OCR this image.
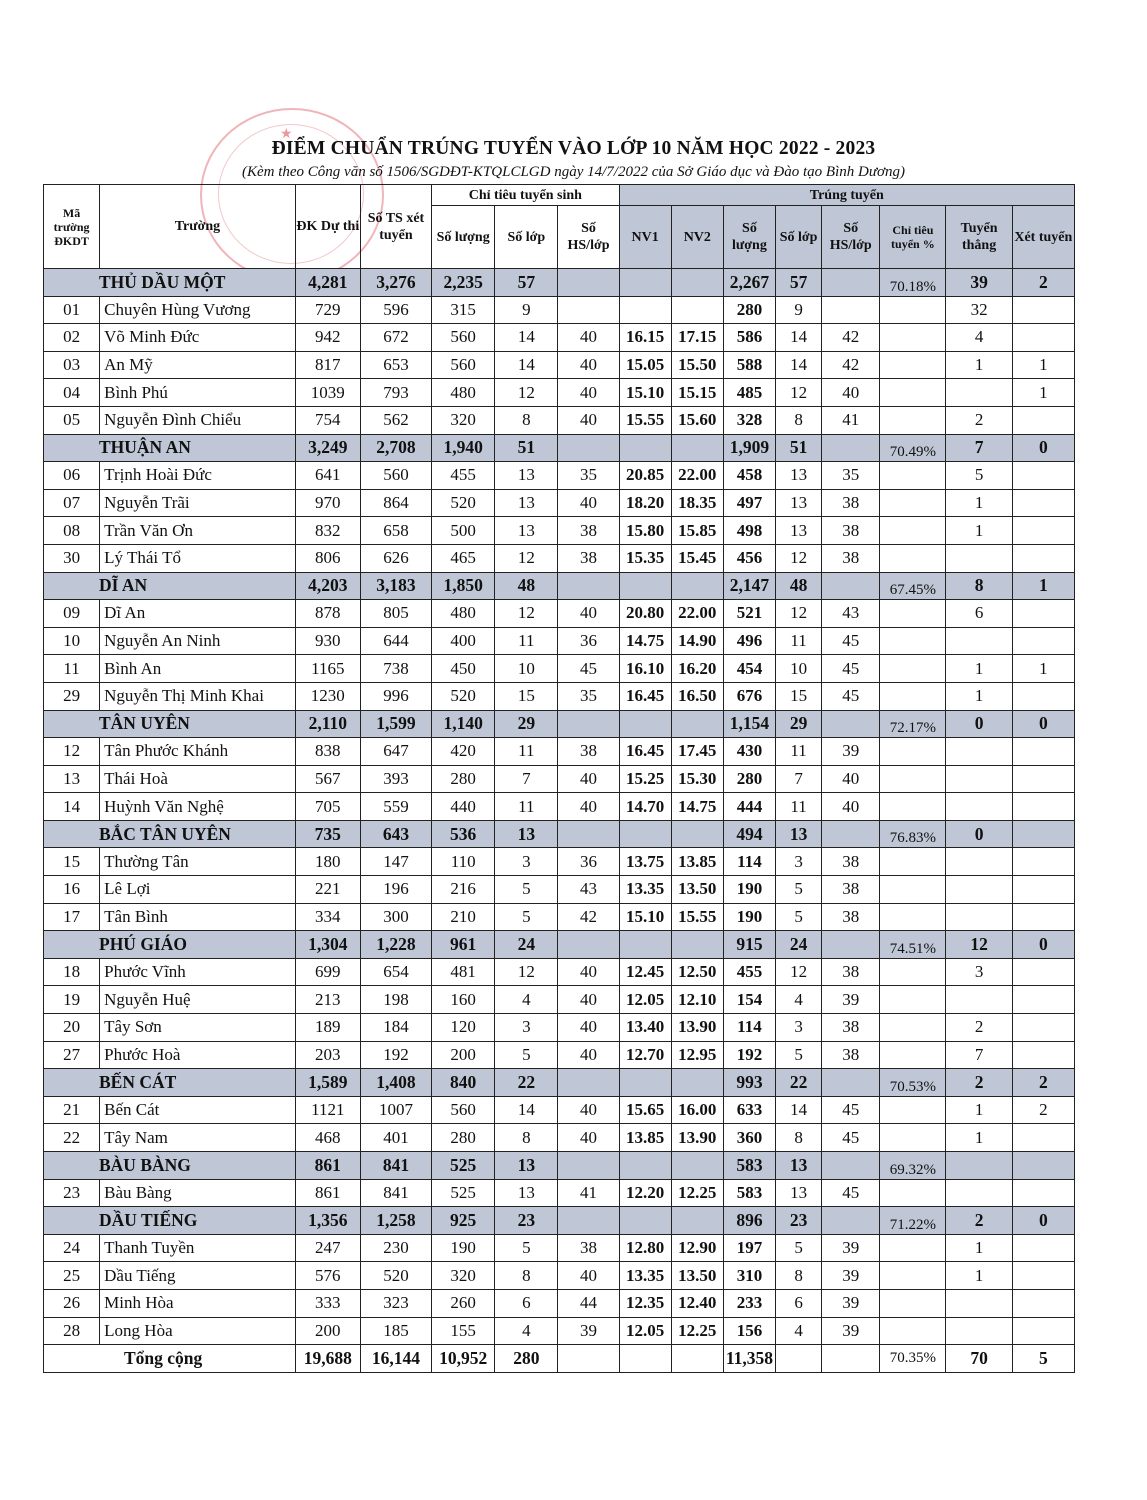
★
ĐIỂM CHUẨN TRÚNG TUYỂN VÀO LỚP 10 NĂM HỌC 2022 - 2023
(Kèm theo Công văn số 1506/SGDĐT-KTQLCLGD ngày 14/7/2022 của Sở Giáo dục và Đào tạo Bình Dương)
Mã trường ĐKDT	Trường	ĐK Dự thi	Số TS xét tuyển	Chỉ tiêu tuyển sinh			Trúng tuyển							
				Số lượng	Số lớp	Số HS/lớp	NV1	NV2	Số lượng	Số lớp	Số HS/lớp	Chỉ tiêu tuyển %	Tuyển thẳng	Xét tuyển
THỦ DẦU MỘT		4,281	3,276	2,235	57				2,267	57		70.18%	39	2
01	Chuyên Hùng Vương	729	596	315	9				280	9			32	
02	Võ Minh Đức	942	672	560	14	40	16.15	17.15	586	14	42		4	
03	An Mỹ	817	653	560	14	40	15.05	15.50	588	14	42		1	1
04	Bình Phú	1039	793	480	12	40	15.10	15.15	485	12	40			1
05	Nguyễn Đình Chiểu	754	562	320	8	40	15.55	15.60	328	8	41		2	
THUẬN AN		3,249	2,708	1,940	51				1,909	51		70.49%	7	0
06	Trịnh Hoài Đức	641	560	455	13	35	20.85	22.00	458	13	35		5	
07	Nguyễn Trãi	970	864	520	13	40	18.20	18.35	497	13	38		1	
08	Trần Văn Ơn	832	658	500	13	38	15.80	15.85	498	13	38		1	
30	Lý Thái Tổ	806	626	465	12	38	15.35	15.45	456	12	38			
DĨ AN		4,203	3,183	1,850	48				2,147	48		67.45%	8	1
09	Dĩ An	878	805	480	12	40	20.80	22.00	521	12	43		6	
10	Nguyễn An Ninh	930	644	400	11	36	14.75	14.90	496	11	45			
11	Bình An	1165	738	450	10	45	16.10	16.20	454	10	45		1	1
29	Nguyễn Thị Minh Khai	1230	996	520	15	35	16.45	16.50	676	15	45		1	
TÂN UYÊN		2,110	1,599	1,140	29				1,154	29		72.17%	0	0
12	Tân Phước Khánh	838	647	420	11	38	16.45	17.45	430	11	39			
13	Thái Hoà	567	393	280	7	40	15.25	15.30	280	7	40			
14	Huỳnh Văn Nghệ	705	559	440	11	40	14.70	14.75	444	11	40			
BẮC TÂN UYÊN		735	643	536	13				494	13		76.83%	0	
15	Thường Tân	180	147	110	3	36	13.75	13.85	114	3	38			
16	Lê Lợi	221	196	216	5	43	13.35	13.50	190	5	38			
17	Tân Bình	334	300	210	5	42	15.10	15.55	190	5	38			
PHÚ GIÁO		1,304	1,228	961	24				915	24		74.51%	12	0
18	Phước Vĩnh	699	654	481	12	40	12.45	12.50	455	12	38		3	
19	Nguyễn Huệ	213	198	160	4	40	12.05	12.10	154	4	39			
20	Tây Sơn	189	184	120	3	40	13.40	13.90	114	3	38		2	
27	Phước Hoà	203	192	200	5	40	12.70	12.95	192	5	38		7	
BẾN CÁT		1,589	1,408	840	22				993	22		70.53%	2	2
21	Bến Cát	1121	1007	560	14	40	15.65	16.00	633	14	45		1	2
22	Tây Nam	468	401	280	8	40	13.85	13.90	360	8	45		1	
BÀU BÀNG		861	841	525	13				583	13		69.32%		
23	Bàu Bàng	861	841	525	13	41	12.20	12.25	583	13	45			
DẦU TIẾNG		1,356	1,258	925	23				896	23		71.22%	2	0
24	Thanh Tuyền	247	230	190	5	38	12.80	12.90	197	5	39		1	
25	Dầu Tiếng	576	520	320	8	40	13.35	13.50	310	8	39		1	
26	Minh Hòa	333	323	260	6	44	12.35	12.40	233	6	39			
28	Long Hòa	200	185	155	4	39	12.05	12.25	156	4	39			
Tổng cộng		19,688	16,144	10,952	280				11,358			70.35%	70	5
